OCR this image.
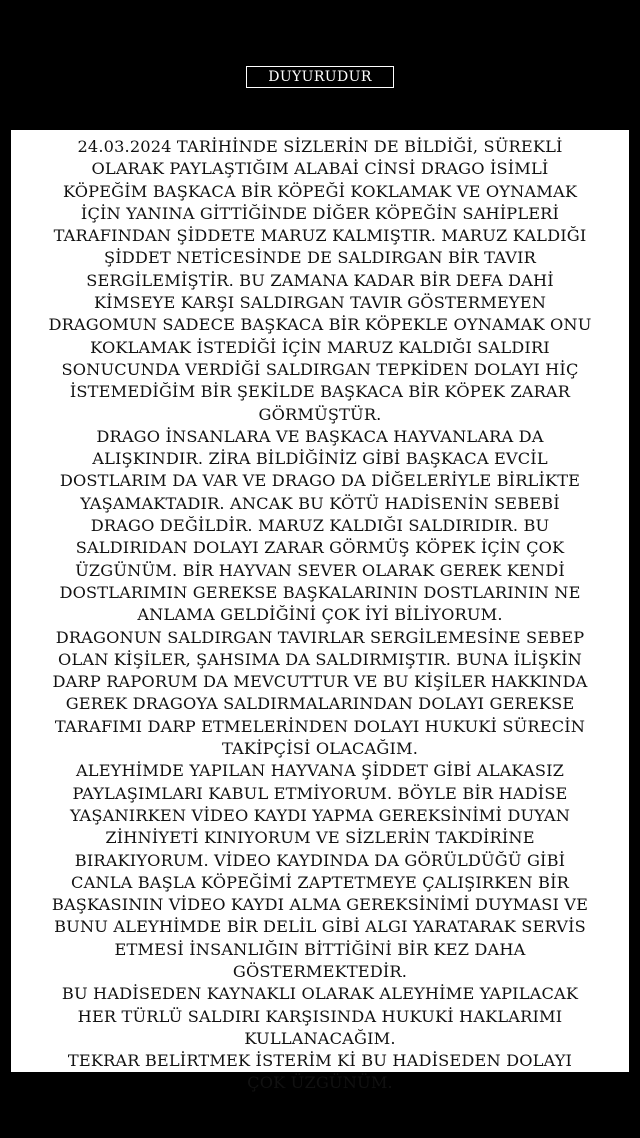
DUYURUDUR
24.03.2024 TARİHİNDE SİZLERİN DE BİLDİĞİ, SÜREKLİ
OLARAK PAYLAŞTIĞIM ALABAİ CİNSİ DRAGO İSİMLİ
KÖPEĞİM BAŞKACA BİR KÖPEĞİ KOKLAMAK VE OYNAMAK
İÇİN YANINA GİTTİĞİNDE DİĞER KÖPEĞİN SAHİPLERİ
TARAFINDAN ŞİDDETE MARUZ KALMIŞTIR. MARUZ KALDIĞI
ŞİDDET NETİCESİNDE DE SALDIRGAN BİR TAVIR
SERGİLEMİŞTİR. BU ZAMANA KADAR BİR DEFA DAHİ
KİMSEYE KARŞI SALDIRGAN TAVIR GÖSTERMEYEN
DRAGOMUN SADECE BAŞKACA BİR KÖPEKLE OYNAMAK ONU
KOKLAMAK İSTEDİĞİ İÇİN MARUZ KALDIĞI SALDIRI
SONUCUNDA VERDİĞİ SALDIRGAN TEPKİDEN DOLAYI HİÇ
İSTEMEDİĞİM BİR ŞEKİLDE BAŞKACA BİR KÖPEK ZARAR
GÖRMÜŞTÜR.
DRAGO İNSANLARA VE BAŞKACA HAYVANLARA DA
ALIŞKINDIR. ZİRA BİLDİĞİNİZ GİBİ BAŞKACA EVCİL
DOSTLARIM DA VAR VE DRAGO DA DİĞELERİYLE BİRLİKTE
YAŞAMAKTADIR. ANCAK BU KÖTÜ HADİSENİN SEBEBİ
DRAGO DEĞİLDİR. MARUZ KALDIĞI SALDIRIDIR. BU
SALDIRIDAN DOLAYI ZARAR GÖRMÜŞ KÖPEK İÇİN ÇOK
ÜZGÜNÜM. BİR HAYVAN SEVER OLARAK GEREK KENDİ
DOSTLARIMIN GEREKSE BAŞKALARININ DOSTLARININ NE
ANLAMA GELDİĞİNİ ÇOK İYİ BİLİYORUM.
DRAGONUN SALDIRGAN TAVIRLAR SERGİLEMESİNE SEBEP
OLAN KİŞİLER, ŞAHSIMA DA SALDIRMIŞTIR. BUNA İLİŞKİN
DARP RAPORUM DA MEVCUTTUR VE BU KİŞİLER HAKKINDA
GEREK DRAGOYA SALDIRMALARINDAN DOLAYI GEREKSE
TARAFIMI DARP ETMELERİNDEN DOLAYI HUKUKİ SÜRECİN
TAKİPÇİSİ OLACAĞIM.
ALEYHİMDE YAPILAN HAYVANA ŞİDDET GİBİ ALAKASIZ
PAYLAŞIMLARI KABUL ETMİYORUM. BÖYLE BİR HADİSE
YAŞANIRKEN VİDEO KAYDI YAPMA GEREKSİNİMİ DUYAN
ZİHNİYETİ KINIYORUM VE SİZLERİN TAKDİRİNE
BIRAKIYORUM. VİDEO KAYDINDA DA GÖRÜLDÜĞÜ GİBİ
CANLA BAŞLA KÖPEĞİMİ ZAPTETMEYE ÇALIŞIRKEN BİR
BAŞKASININ VİDEO KAYDI ALMA GEREKSİNİMİ DUYMASI VE
BUNU ALEYHİMDE BİR DELİL GİBİ ALGI YARATARAK SERVİS
ETMESİ İNSANLIĞIN BİTTİĞİNİ BİR KEZ DAHA
GÖSTERMEKTEDİR.
BU HADİSEDEN KAYNAKLI OLARAK ALEYHİME YAPILACAK
HER TÜRLÜ SALDIRI KARŞISINDA HUKUKİ HAKLARIMI
KULLANACAĞIM.
TEKRAR BELİRTMEK İSTERİM Kİ BU HADİSEDEN DOLAYI
ÇOK ÜZGÜNÜM.
